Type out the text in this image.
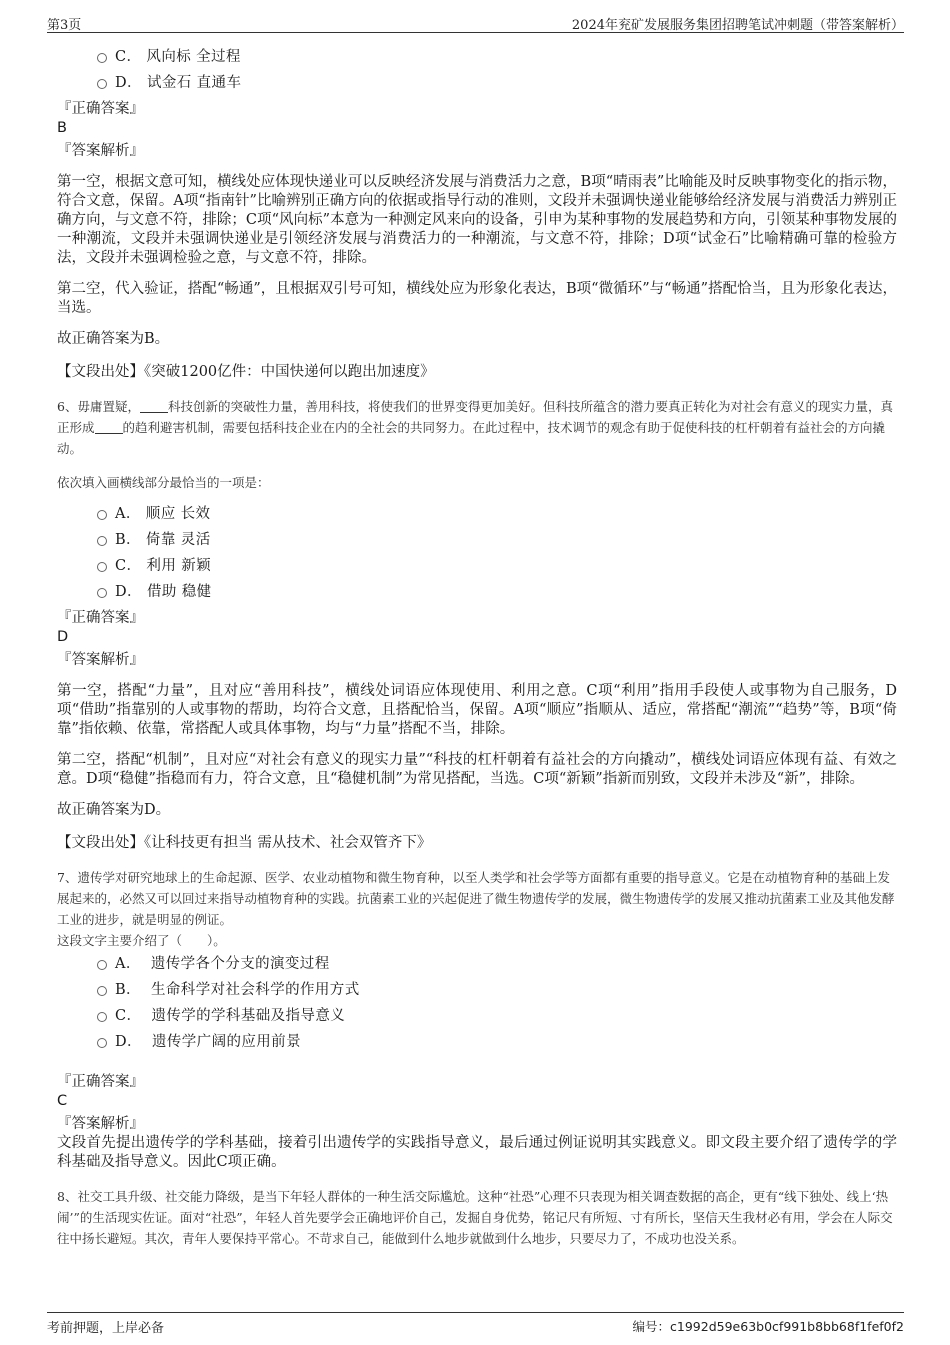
第3页	2024年兖矿发展服务集团招聘笔试冲刺题（带答案解析）
C． 风向标 全过程
D． 试金石 直通车
『正确答案』
B
『答案解析』
第一空，根据文意可知，横线处应体现快递业可以反映经济发展与消费活力之意，B项“晴雨表”比喻能及时反映事物变化的指示物，符合文意，保留。A项“指南针”比喻辨别正确方向的依据或指导行动的准则，文段并未强调快递业能够给经济发展与消费活力辨别正确方向，与文意不符，排除；C项“风向标”本意为一种测定风来向的设备，引申为某种事物的发展趋势和方向，引领某种事物发展的一种潮流，文段并未强调快递业是引领经济发展与消费活力的一种潮流，与文意不符，排除；D项“试金石”比喻精确可靠的检验方法，文段并未强调检验之意，与文意不符，排除。
第二空，代入验证，搭配“畅通”，且根据双引号可知，横线处应为形象化表达，B项“微循环”与“畅通”搭配恰当，且为形象化表达，当选。
故正确答案为B。
【文段出处】《突破1200亿件：中国快递何以跑出加速度》
6、毋庸置疑， 科技创新的突破性力量，善用科技，将使我们的世界变得更加美好。但科技所蕴含的潜力要真正转化为对社会有意义的现实力量，真正形成 的趋利避害机制，需要包括科技企业在内的全社会的共同努力。在此过程中，技术调节的观念有助于促使科技的杠杆朝着有益社会的方向撬动。
依次填入画横线部分最恰当的一项是：
A． 顺应 长效
B． 倚靠 灵活
C． 利用 新颖
D． 借助 稳健
『正确答案』
D
『答案解析』
第一空，搭配“力量”，且对应“善用科技”，横线处词语应体现使用、利用之意。C项“利用”指用手段使人或事物为自己服务，D项“借助”指靠别的人或事物的帮助，均符合文意，且搭配恰当，保留。A项“顺应”指顺从、适应，常搭配“潮流”“趋势”等，B项“倚靠”指依赖、依靠，常搭配人或具体事物，均与“力量”搭配不当，排除。
第二空，搭配“机制”，且对应“对社会有意义的现实力量”“科技的杠杆朝着有益社会的方向撬动”，横线处词语应体现有益、有效之意。D项“稳健”指稳而有力，符合文意，且“稳健机制”为常见搭配，当选。C项“新颖”指新而别致，文段并未涉及“新”，排除。
故正确答案为D。
【文段出处】《让科技更有担当 需从技术、社会双管齐下》
7、遗传学对研究地球上的生命起源、医学、农业动植物和微生物育种，以至人类学和社会学等方面都有重要的指导意义。它是在动植物育种的基础上发展起来的，必然又可以回过来指导动植物育种的实践。抗菌素工业的兴起促进了微生物遗传学的发展，微生物遗传学的发展又推动抗菌素工业及其他发酵工业的进步，就是明显的例证。
这段文字主要介绍了（　　）。
A． 遗传学各个分支的演变过程
B． 生命科学对社会科学的作用方式
C． 遗传学的学科基础及指导意义
D． 遗传学广阔的应用前景
『正确答案』
C
『答案解析』
文段首先提出遗传学的学科基础，接着引出遗传学的实践指导意义，最后通过例证说明其实践意义。即文段主要介绍了遗传学的学科基础及指导意义。因此C项正确。
8、社交工具升级、社交能力降级，是当下年轻人群体的一种生活交际尴尬。这种“社恐”心理不只表现为相关调查数据的高企，更有“线下独处、线上‘热闹’”的生活现实佐证。面对“社恐”，年轻人首先要学会正确地评价自己，发掘自身优势，铭记尺有所短、寸有所长，坚信天生我材必有用，学会在人际交往中扬长避短。其次，青年人要保持平常心。不苛求自己，能做到什么地步就做到什么地步，只要尽力了，不成功也没关系。
考前押题，上岸必备	编号：c1992d59e63b0cf991b8bb68f1fef0f2
